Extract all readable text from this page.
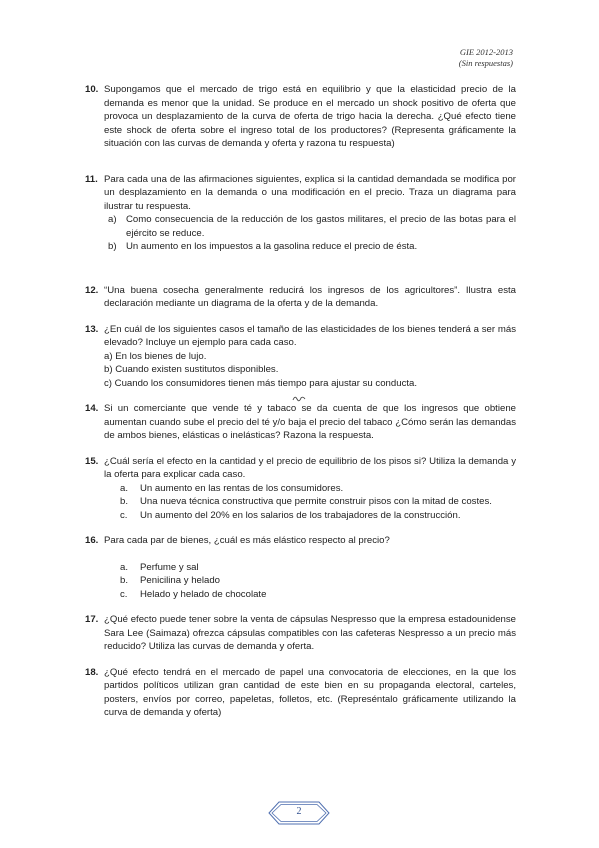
GIE 2012-2013
(Sin respuestas)
10. Supongamos que el mercado de trigo está en equilibrio y que la elasticidad precio de la demanda es menor que la unidad. Se produce en el mercado un shock positivo de oferta que provoca un desplazamiento de la curva de oferta de trigo hacia la derecha. ¿Qué efecto tiene este shock de oferta sobre el ingreso total de los productores? (Representa gráficamente la situación con las curvas de demanda y oferta y razona tu respuesta)
11. Para cada una de las afirmaciones siguientes, explica si la cantidad demandada se modifica por un desplazamiento en la demanda o una modificación en el precio. Traza un diagrama para ilustrar tu respuesta.
a) Como consecuencia de la reducción de los gastos militares, el precio de las botas para el ejército se reduce.
b) Un aumento en los impuestos a la gasolina reduce el precio de ésta.
12. “Una buena cosecha generalmente reducirá los ingresos de los agricultores”. Ilustra esta declaración mediante un diagrama de la oferta y de la demanda.
13. ¿En cuál de los siguientes casos el tamaño de las elasticidades de los bienes tenderá a ser más elevado? Incluye un ejemplo para cada caso.
a) En los bienes de lujo.
b) Cuando existen sustitutos disponibles.
c) Cuando los consumidores tienen más tiempo para ajustar su conducta.
14. Si un comerciante que vende té y tabaco se da cuenta de que los ingresos que obtiene aumentan cuando sube el precio del té y/o baja el precio del tabaco ¿Cómo serán las demandas de ambos bienes, elásticas o inelásticas? Razona la respuesta.
15. ¿Cuál sería el efecto en la cantidad y el precio de equilibrio de los pisos si? Utiliza la demanda y la oferta para explicar cada caso.
a. Un aumento en las rentas de los consumidores.
b. Una nueva técnica constructiva que permite construir pisos con la mitad de costes.
c. Un aumento del 20% en los salarios de los trabajadores de la construcción.
16. Para cada par de bienes, ¿cuál es más elástico respecto al precio?
a. Perfume y sal
b. Penicilina y helado
c. Helado y helado de chocolate
17. ¿Qué efecto puede tener sobre la venta de cápsulas Nespresso que la empresa estadounidense Sara Lee (Saimaza) ofrezca cápsulas compatibles con las cafeteras Nespresso a un precio más reducido? Utiliza las curvas de demanda y oferta.
18. ¿Qué efecto tendrá en el mercado de papel una convocatoria de elecciones, en la que los partidos políticos utilizan gran cantidad de este bien en su propaganda electoral, carteles, posters, envíos por correo, papeletas, folletos, etc. (Represéntalo gráficamente utilizando la curva de demanda y oferta)
2
